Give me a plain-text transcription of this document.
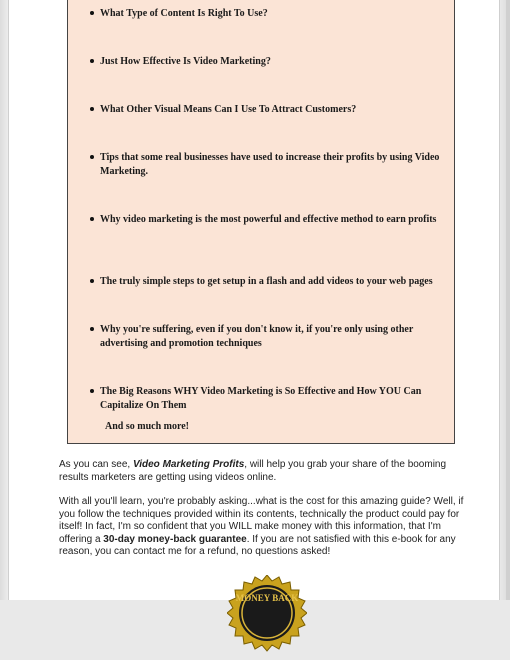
What Type of Content Is Right To Use?
Just How Effective Is Video Marketing?
What Other Visual Means Can I Use To Attract Customers?
Tips that some real businesses have used to increase their profits by using Video Marketing.
Why video marketing is the most powerful and effective method to earn profits
The truly simple steps to get setup in a flash and add videos to your web pages
Why you're suffering, even if you don't know it, if you're only using other advertising and promotion techniques
The Big Reasons WHY Video Marketing is So Effective and How YOU Can Capitalize On Them
And so much more!
As you can see, Video Marketing Profits, will help you grab your share of the booming results marketers are getting using videos online.
With all you'll learn, you're probably asking...what is the cost for this amazing guide? Well, if you follow the techniques provided within its contents, technically the product could pay for itself! In fact, I'm so confident that you WILL make money with this information, that I'm offering a 30-day money-back guarantee. If you are not satisfied with this e-book for any reason, you can contact me for a refund, no questions asked!
MONEY BACK
